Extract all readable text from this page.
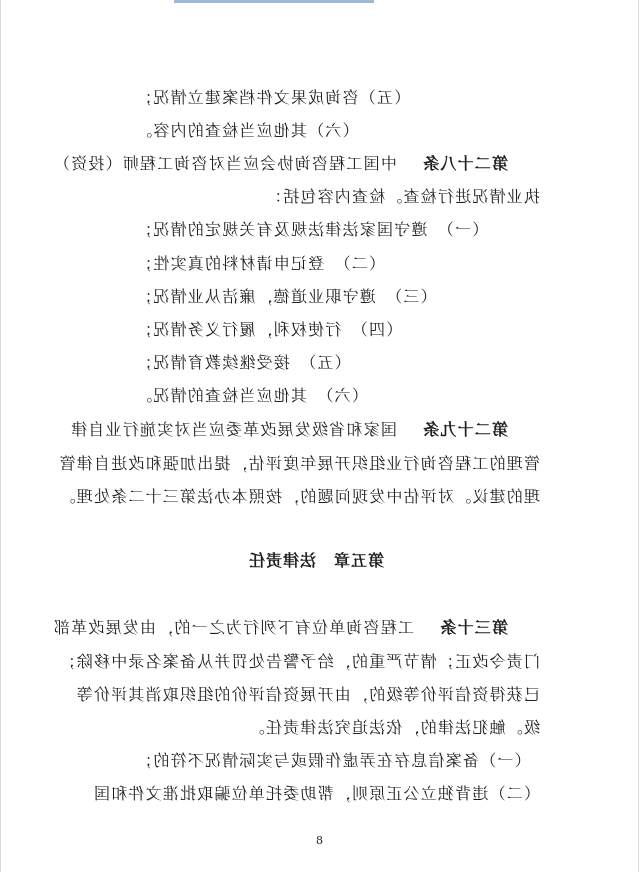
（五）咨询成果文件档案建立情况；
（六）其他应当检查的内容。
第二十八条    中国工程咨询协会应当对咨询工程师（投资）
执业情况进行检查。检查内容包括：
（一）　遵守国家法律法规及有关规定的情况；
（二）　登记申请材料的真实性；
（三）　遵守职业道德，廉洁从业情况；
（四）　行使权利，履行义务情况；
（五）　接受继续教育情况；
（六）　其他应当检查的情况。
第二十九条    国家和省级发展改革委应当对实施行业自律
管理的工程咨询行业组织开展年度评估，提出加强和改进自律管
理的建议。对评估中发现问题的，按照本办法第三十二条处理。
第五章　法律责任
第三十条    工程咨询单位有下列行为之一的，由发展改革部
门责令改正；情节严重的，给予警告处罚并从备案名录中移除；
已获得资信评价等级的，由开展资信评价的组织取消其评价等
级。触犯法律的，依法追究法律责任。
（一）备案信息存在弄虚作假或与实际情况不符的；
（二）违背独立公正原则，帮助委托单位骗取批准文件和国
8
